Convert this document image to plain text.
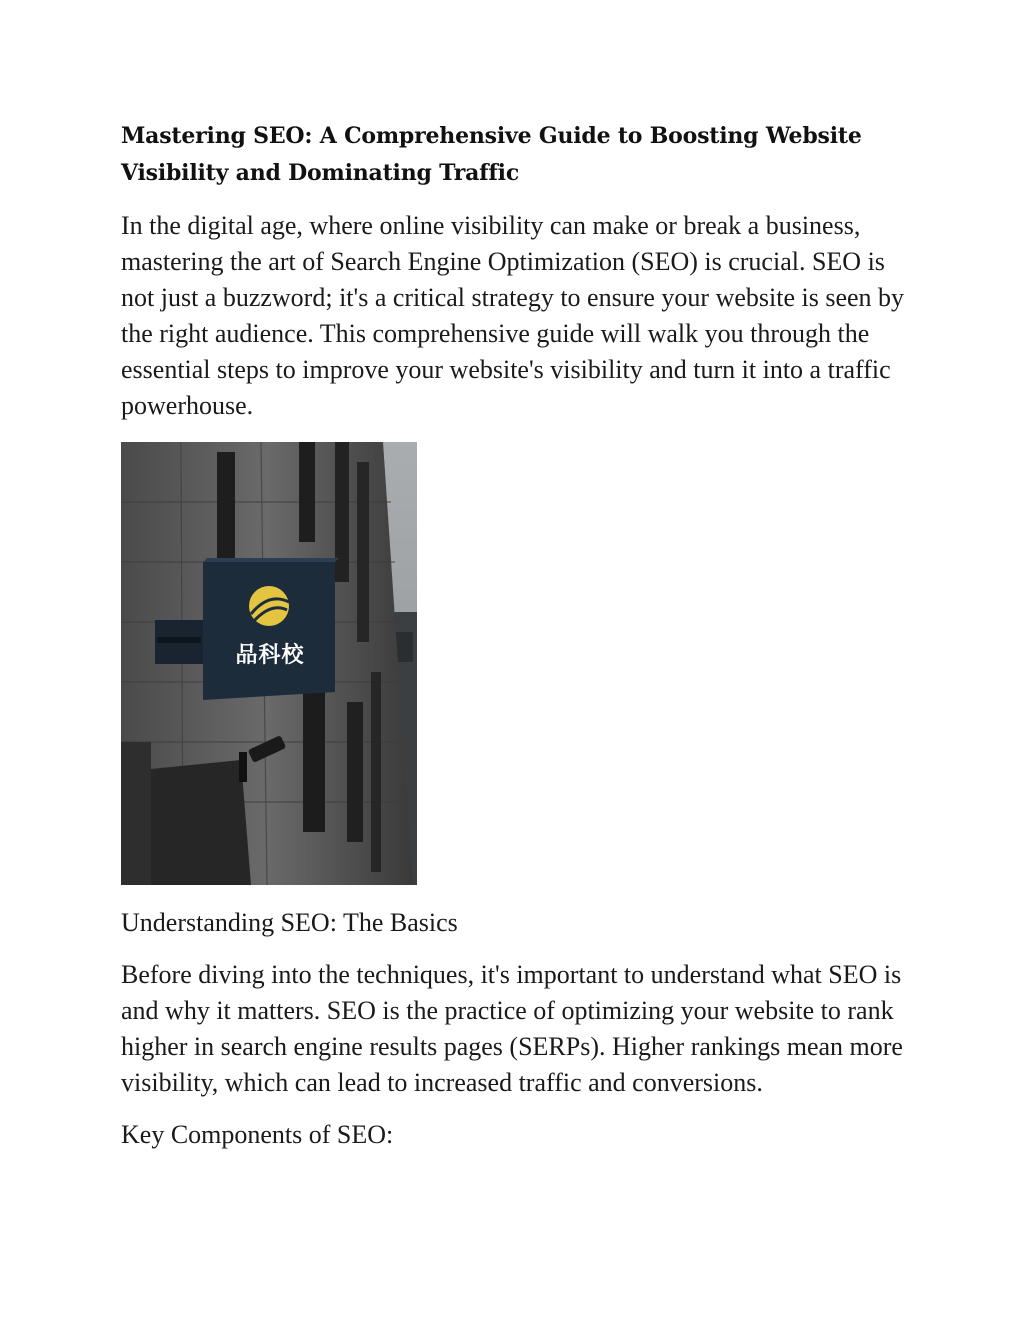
Mastering SEO: A Comprehensive Guide to Boosting Website Visibility and Dominating Traffic

In the digital age, where online visibility can make or break a business, mastering the art of Search Engine Optimization (SEO) is crucial. SEO is not just a buzzword; it's a critical strategy to ensure your website is seen by the right audience. This comprehensive guide will walk you through the essential steps to improve your website's visibility and turn it into a traffic powerhouse.

品科校
Understanding SEO: The Basics

Before diving into the techniques, it's important to understand what SEO is and why it matters. SEO is the practice of optimizing your website to rank higher in search engine results pages (SERPs). Higher rankings mean more visibility, which can lead to increased traffic and conversions.

Key Components of SEO:
